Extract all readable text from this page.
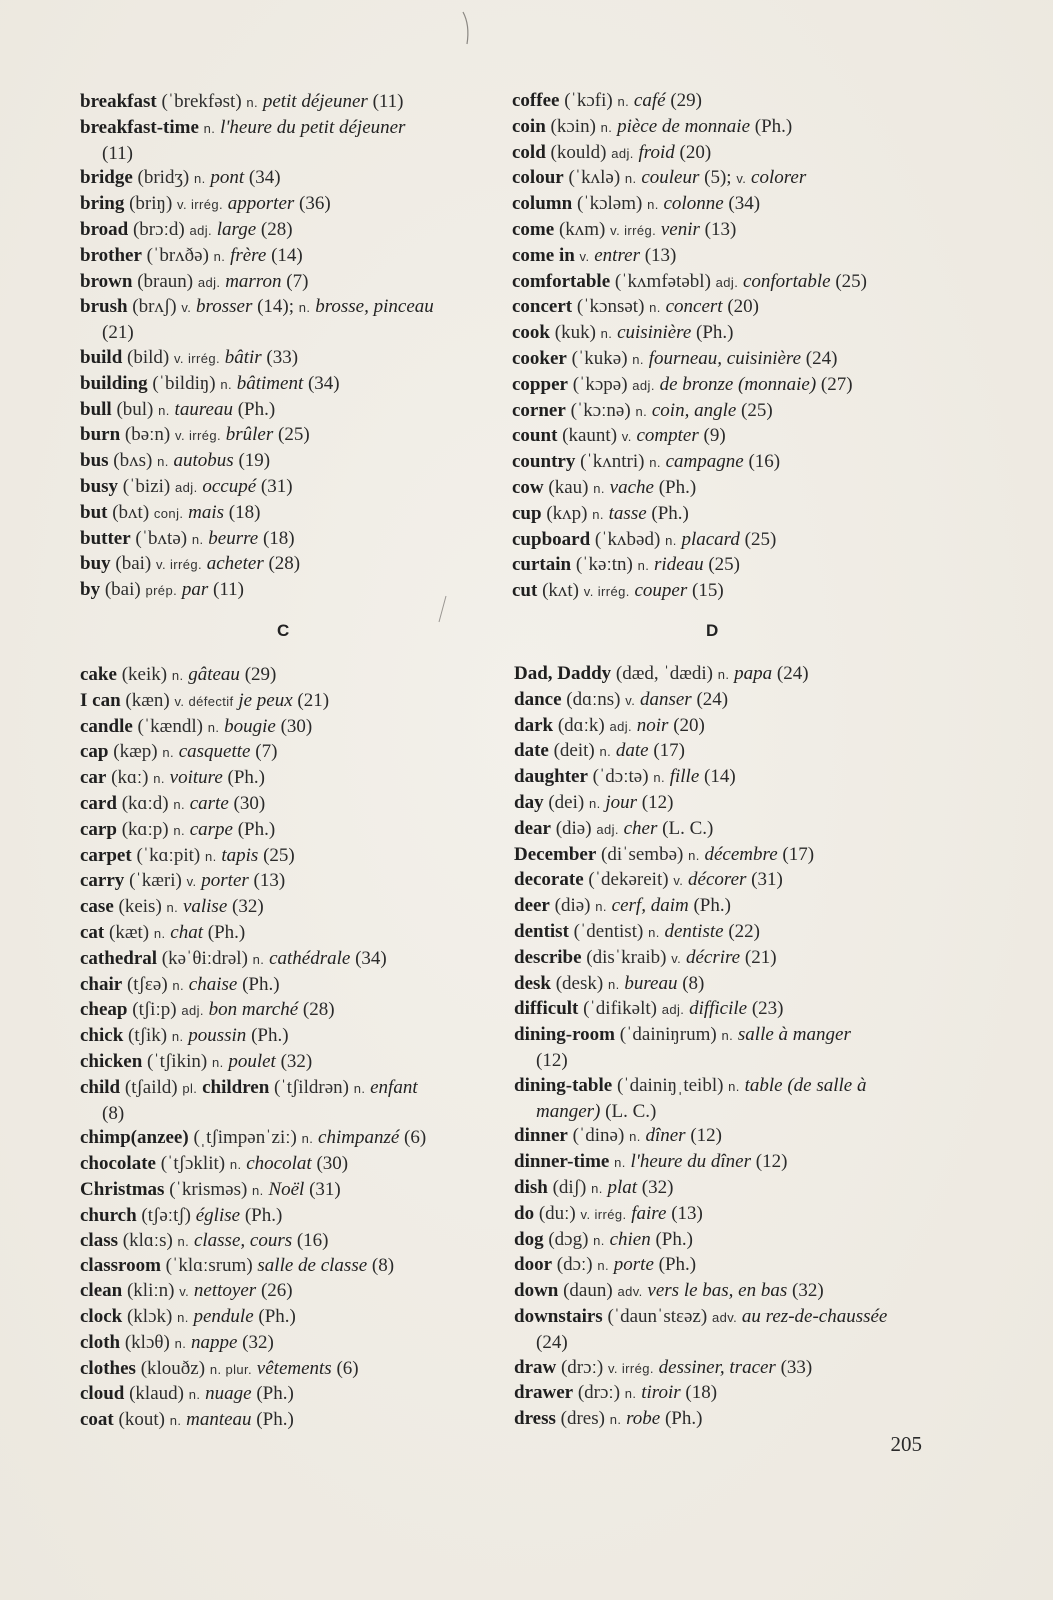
breakfast (ˈbrekfəst) n. petit déjeuner (11)
breakfast-time n. l'heure du petit déjeuner
(11)
bridge (bridʒ) n. pont (34)
bring (briŋ) v. irrég. apporter (36)
broad (brɔːd) adj. large (28)
brother (ˈbrʌðə) n. frère (14)
brown (braun) adj. marron (7)
brush (brʌʃ) v. brosser (14); n. brosse, pinceau
(21)
build (bild) v. irrég. bâtir (33)
building (ˈbildiŋ) n. bâtiment (34)
bull (bul) n. taureau (Ph.)
burn (bəːn) v. irrég. brûler (25)
bus (bʌs) n. autobus (19)
busy (ˈbizi) adj. occupé (31)
but (bʌt) conj. mais (18)
butter (ˈbʌtə) n. beurre (18)
buy (bai) v. irrég. acheter (28)
by (bai) prép. par (11)
coffee (ˈkɔfi) n. café (29)
coin (kɔin) n. pièce de monnaie (Ph.)
cold (kould) adj. froid (20)
colour (ˈkʌlə) n. couleur (5); v. colorer
column (ˈkɔləm) n. colonne (34)
come (kʌm) v. irrég. venir (13)
come in v. entrer (13)
comfortable (ˈkʌmfətəbl) adj. confortable (25)
concert (ˈkɔnsət) n. concert (20)
cook (kuk) n. cuisinière (Ph.)
cooker (ˈkukə) n. fourneau, cuisinière (24)
copper (ˈkɔpə) adj. de bronze (monnaie) (27)
corner (ˈkɔːnə) n. coin, angle (25)
count (kaunt) v. compter (9)
country (ˈkʌntri) n. campagne (16)
cow (kau) n. vache (Ph.)
cup (kʌp) n. tasse (Ph.)
cupboard (ˈkʌbəd) n. placard (25)
curtain (ˈkəːtn) n. rideau (25)
cut (kʌt) v. irrég. couper (15)
C	D
cake (keik) n. gâteau (29)
I can (kæn) v. défectif je peux (21)
candle (ˈkændl) n. bougie (30)
cap (kæp) n. casquette (7)
car (kɑː) n. voiture (Ph.)
card (kɑːd) n. carte (30)
carp (kɑːp) n. carpe (Ph.)
carpet (ˈkɑːpit) n. tapis (25)
carry (ˈkæri) v. porter (13)
case (keis) n. valise (32)
cat (kæt) n. chat (Ph.)
cathedral (kəˈθiːdrəl) n. cathédrale (34)
chair (tʃɛə) n. chaise (Ph.)
cheap (tʃiːp) adj. bon marché (28)
chick (tʃik) n. poussin (Ph.)
chicken (ˈtʃikin) n. poulet (32)
child (tʃaild) pl. children (ˈtʃildrən) n. enfant
(8)
chimp(anzee) (ˌtʃimpənˈziː) n. chimpanzé (6)
chocolate (ˈtʃɔklit) n. chocolat (30)
Christmas (ˈkrisməs) n. Noël (31)
church (tʃəːtʃ) église (Ph.)
class (klɑːs) n. classe, cours (16)
classroom (ˈklɑːsrum) salle de classe (8)
clean (kliːn) v. nettoyer (26)
clock (klɔk) n. pendule (Ph.)
cloth (klɔθ) n. nappe (32)
clothes (klouðz) n. plur. vêtements (6)
cloud (klaud) n. nuage (Ph.)
coat (kout) n. manteau (Ph.)
Dad, Daddy (dæd, ˈdædi) n. papa (24)
dance (dɑːns) v. danser (24)
dark (dɑːk) adj. noir (20)
date (deit) n. date (17)
daughter (ˈdɔːtə) n. fille (14)
day (dei) n. jour (12)
dear (diə) adj. cher (L. C.)
December (diˈsembə) n. décembre (17)
decorate (ˈdekəreit) v. décorer (31)
deer (diə) n. cerf, daim (Ph.)
dentist (ˈdentist) n. dentiste (22)
describe (disˈkraib) v. décrire (21)
desk (desk) n. bureau (8)
difficult (ˈdifikəlt) adj. difficile (23)
dining-room (ˈdainiŋrum) n. salle à manger
(12)
dining-table (ˈdainiŋˌteibl) n. table (de salle à
manger) (L. C.)
dinner (ˈdinə) n. dîner (12)
dinner-time n. l'heure du dîner (12)
dish (diʃ) n. plat (32)
do (duː) v. irrég. faire (13)
dog (dɔg) n. chien (Ph.)
door (dɔː) n. porte (Ph.)
down (daun) adv. vers le bas, en bas (32)
downstairs (ˈdaunˈstɛəz) adv. au rez-de-chaussée
(24)
draw (drɔː) v. irrég. dessiner, tracer (33)
drawer (drɔː) n. tiroir (18)
dress (dres) n. robe (Ph.)
205
